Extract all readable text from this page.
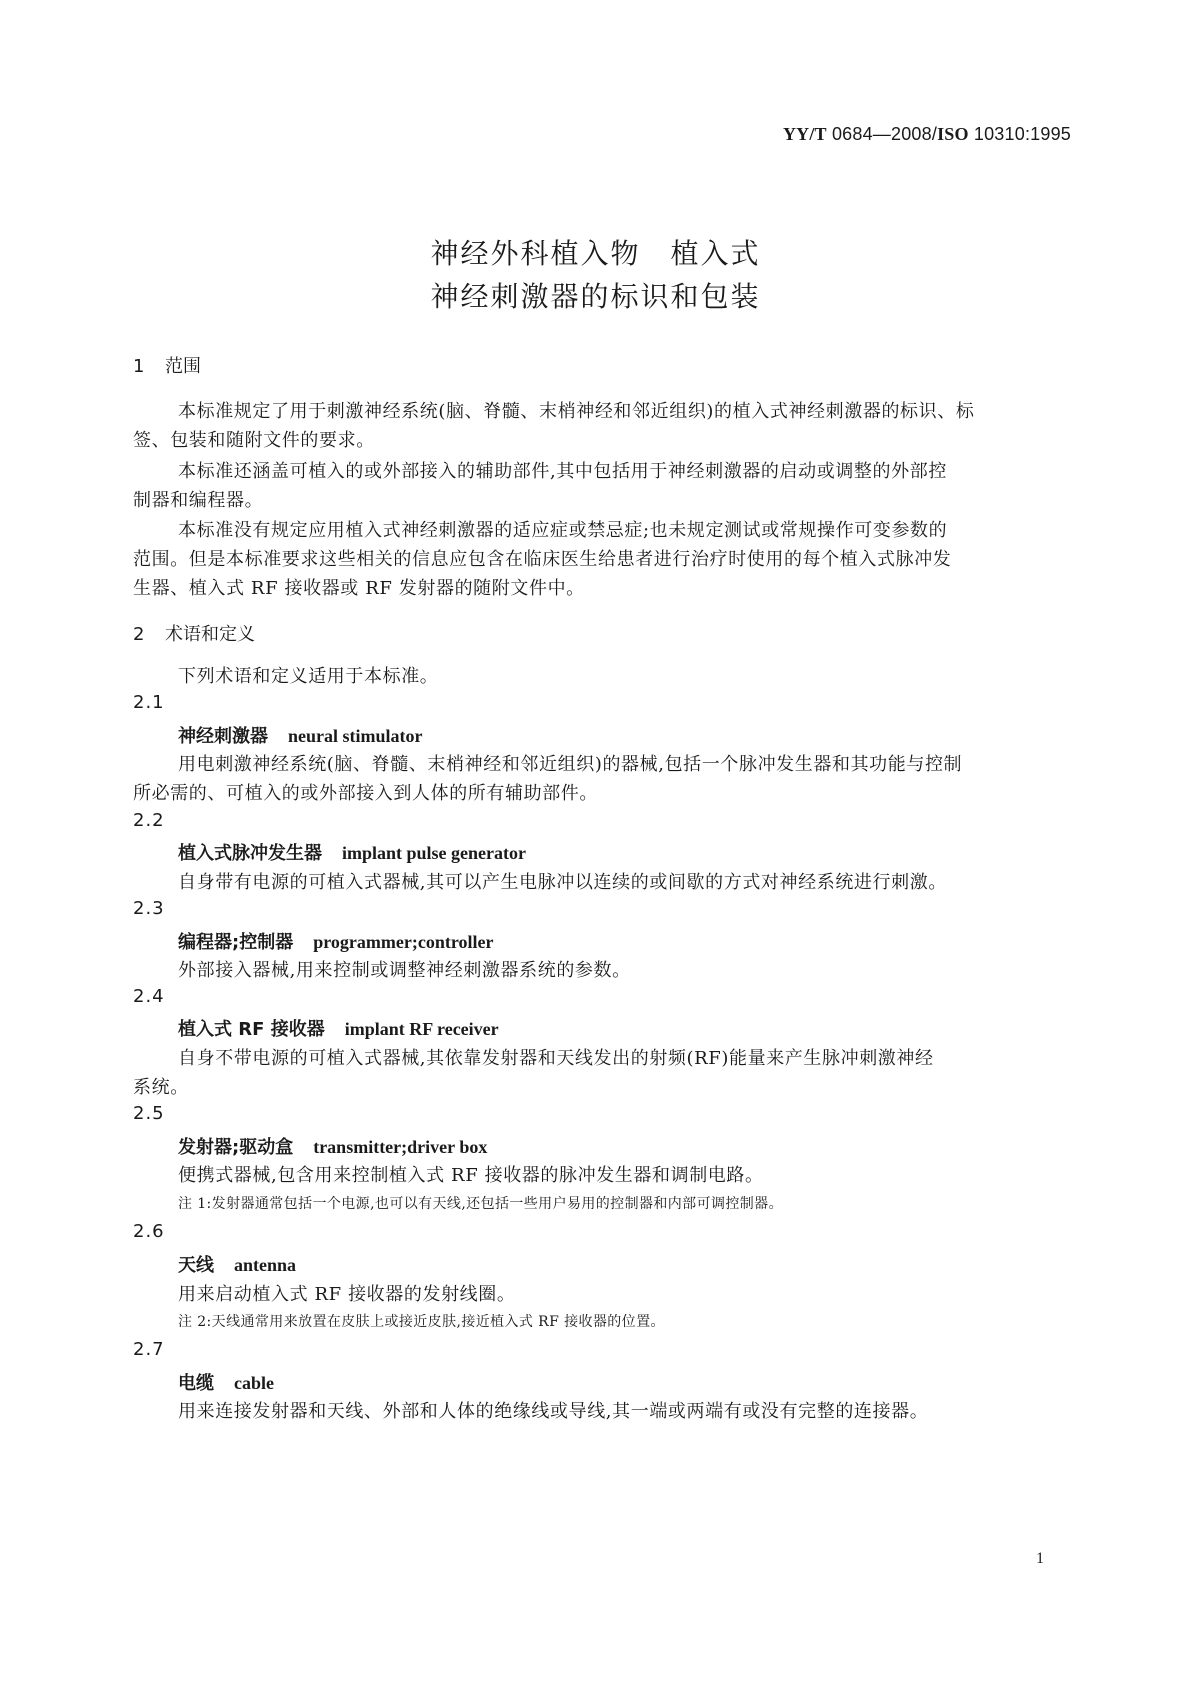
YY/T 0684—2008/ISO 10310:1995
神经外科植入物　植入式
神经刺激器的标识和包装
1 范围
本标准规定了用于刺激神经系统(脑、脊髓、末梢神经和邻近组织)的植入式神经刺激器的标识、标
签、包装和随附文件的要求。
本标准还涵盖可植入的或外部接入的辅助部件,其中包括用于神经刺激器的启动或调整的外部控
制器和编程器。
本标准没有规定应用植入式神经刺激器的适应症或禁忌症;也未规定测试或常规操作可变参数的
范围。但是本标准要求这些相关的信息应包含在临床医生给患者进行治疗时使用的每个植入式脉冲发
生器、植入式 RF 接收器或 RF 发射器的随附文件中。
2 术语和定义
下列术语和定义适用于本标准。
2.1
神经刺激器 neural stimulator
用电刺激神经系统(脑、脊髓、末梢神经和邻近组织)的器械,包括一个脉冲发生器和其功能与控制
所必需的、可植入的或外部接入到人体的所有辅助部件。
2.2
植入式脉冲发生器 implant pulse generator
自身带有电源的可植入式器械,其可以产生电脉冲以连续的或间歇的方式对神经系统进行刺激。
2.3
编程器;控制器 programmer;controller
外部接入器械,用来控制或调整神经刺激器系统的参数。
2.4
植入式 RF 接收器 implant RF receiver
自身不带电源的可植入式器械,其依靠发射器和天线发出的射频(RF)能量来产生脉冲刺激神经
系统。
2.5
发射器;驱动盒 transmitter;driver box
便携式器械,包含用来控制植入式 RF 接收器的脉冲发生器和调制电路。
注 1:发射器通常包括一个电源,也可以有天线,还包括一些用户易用的控制器和内部可调控制器。
2.6
天线 antenna
用来启动植入式 RF 接收器的发射线圈。
注 2:天线通常用来放置在皮肤上或接近皮肤,接近植入式 RF 接收器的位置。
2.7
电缆 cable
用来连接发射器和天线、外部和人体的绝缘线或导线,其一端或两端有或没有完整的连接器。
1
